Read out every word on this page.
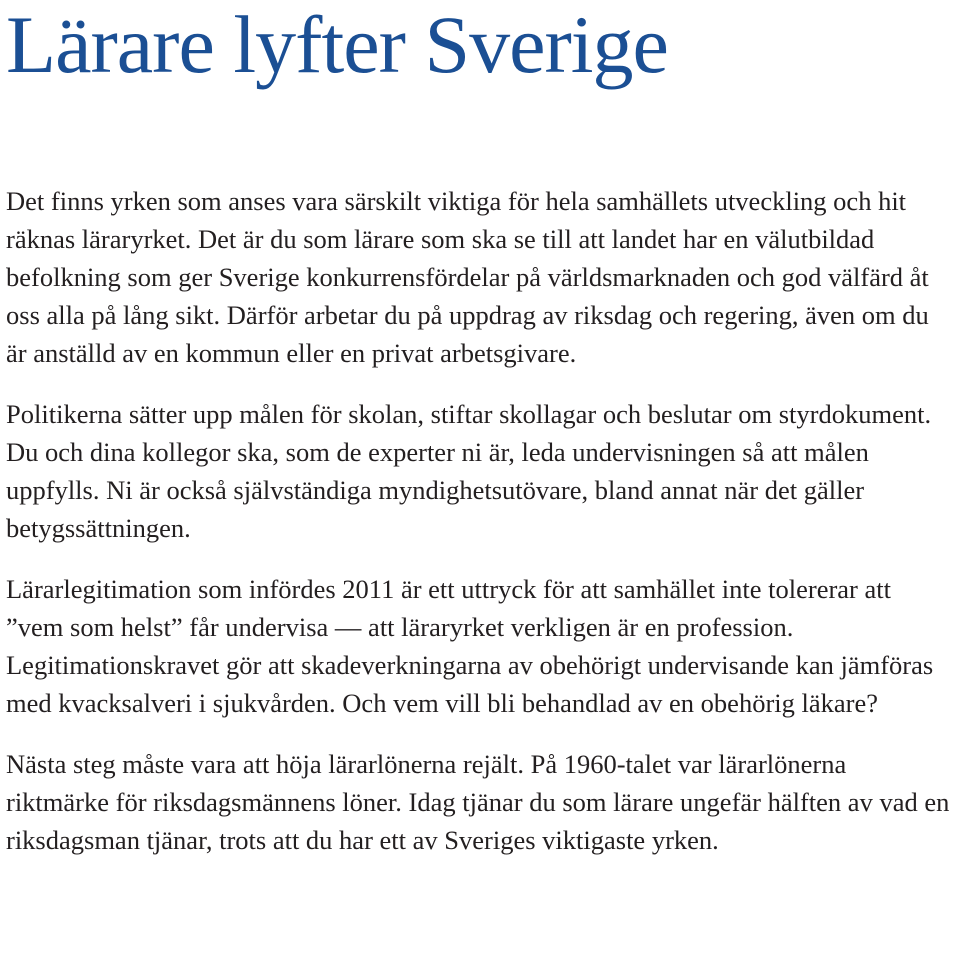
Lärare lyfter Sverige

Det finns yrken som anses vara särskilt viktiga för hela samhällets utveckling och hit räknas läraryrket. Det är du som lärare som ska se till att landet har en välutbildad befolkning som ger Sverige konkurrensfördelar på världsmarknaden och god välfärd åt oss alla på lång sikt. Därför arbetar du på uppdrag av riksdag och regering, även om du är anställd av en kommun eller en privat arbetsgivare.

Politikerna sätter upp målen för skolan, stiftar skollagar och beslutar om styrdokument. Du och dina kollegor ska, som de experter ni är, leda undervisningen så att målen uppfylls. Ni är också självständiga myndighetsutövare, bland annat när det gäller betygssättningen.

Lärarlegitimation som infördes 2011 är ett uttryck för att samhället inte tolererar att ”vem som helst” får undervisa — att läraryrket verkligen är en profession. Legitimationskravet gör att skadeverkningarna av obehörigt undervisande kan jämföras med kvacksalveri i sjukvården. Och vem vill bli behandlad av en obehörig läkare?

Nästa steg måste vara att höja lärarlönerna rejält. På 1960-talet var lärarlönerna riktmärke för riksdagsmännens löner. Idag tjänar du som lärare ungefär hälften av vad en riksdagsman tjänar, trots att du har ett av Sveriges viktigaste yrken.
